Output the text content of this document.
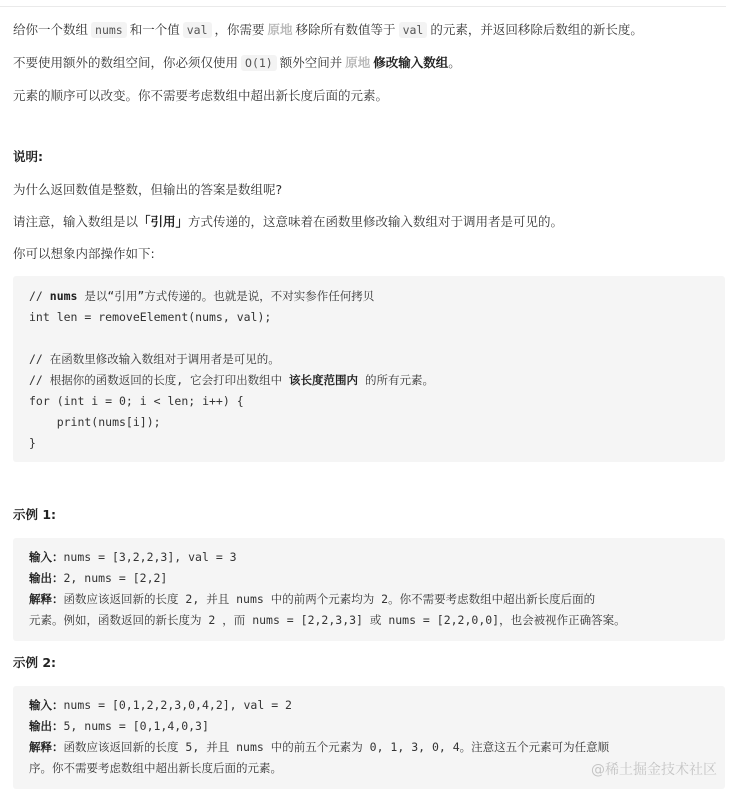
给你一个数组 nums 和一个值 val ，你需要 原地 移除所有数值等于 val 的元素，并返回移除后数组的新长度。

不要使用额外的数组空间，你必须仅使用 O(1) 额外空间并 原地 修改输入数组。

元素的顺序可以改变。你不需要考虑数组中超出新长度后面的元素。

说明:

为什么返回数值是整数，但输出的答案是数组呢?

请注意，输入数组是以「引用」方式传递的，这意味着在函数里修改输入数组对于调用者是可见的。

你可以想象内部操作如下:

// nums 是以“引用”方式传递的。也就是说，不对实参作任何拷贝
int len = removeElement(nums, val);
// 在函数里修改输入数组对于调用者是可见的。
// 根据你的函数返回的长度, 它会打印出数组中 该长度范围内 的所有元素。
for (int i = 0; i < len; i++) {
print(nums[i]);
}
示例 1:
输入：nums = [3,2,2,3], val = 3
输出：2, nums = [2,2]
解释：函数应该返回新的长度 2, 并且 nums 中的前两个元素均为 2。你不需要考虑数组中超出新长度后面的
元素。例如，函数返回的新长度为 2 ，而 nums = [2,2,3,3] 或 nums = [2,2,0,0]，也会被视作正确答案。
示例 2:
输入：nums = [0,1,2,2,3,0,4,2], val = 2
输出：5, nums = [0,1,4,0,3]
解释：函数应该返回新的长度 5, 并且 nums 中的前五个元素为 0, 1, 3, 0, 4。注意这五个元素可为任意顺
序。你不需要考虑数组中超出新长度后面的元素。	@稀土掘金技术社区
